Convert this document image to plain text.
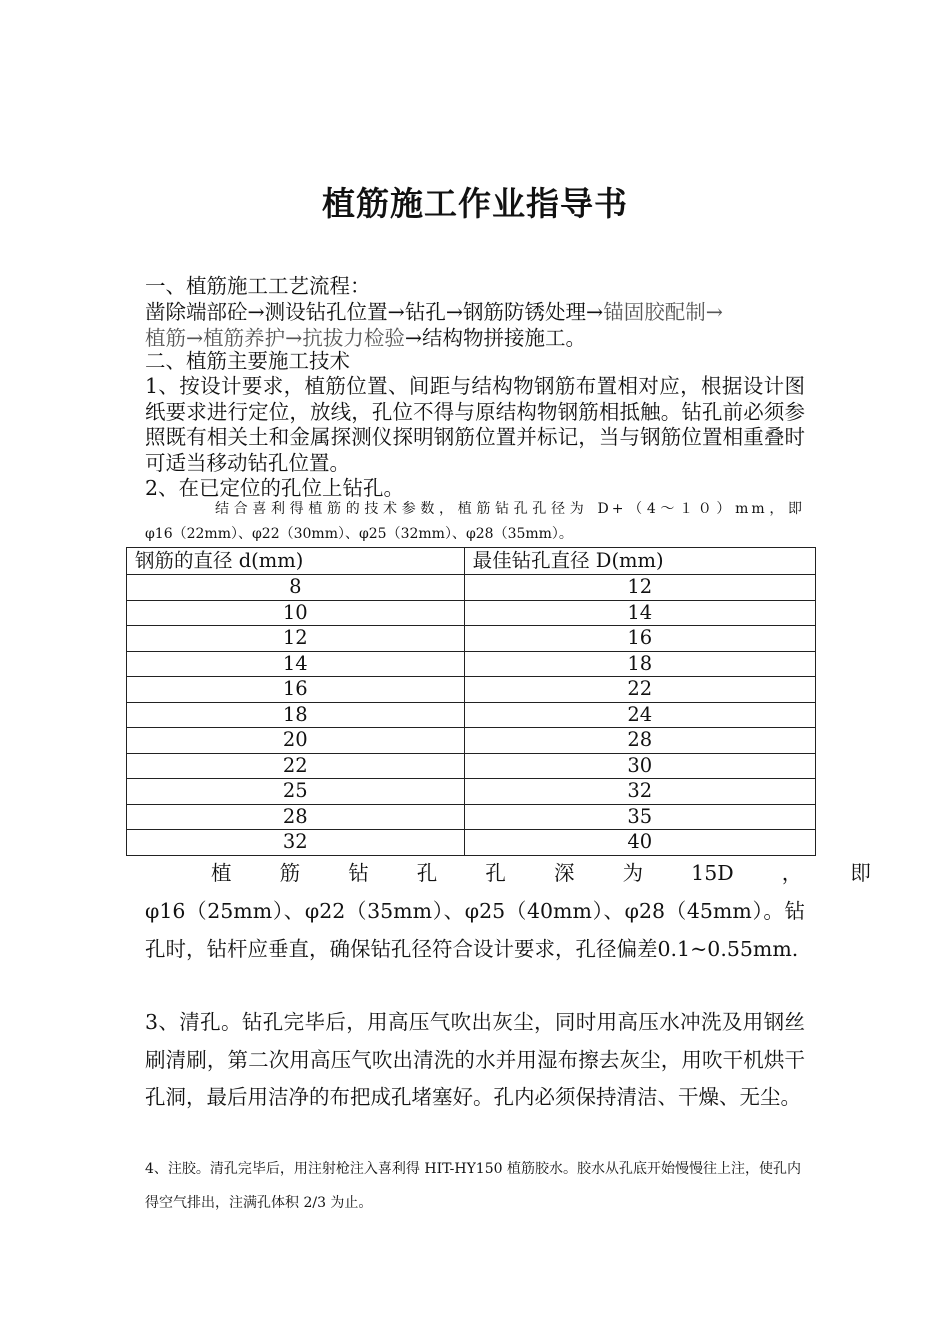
植筋施工作业指导书

一、植筋施工工艺流程：

凿除端部砼→测设钻孔位置→钻孔→钢筋防锈处理→锚固胶配制→
植筋→植筋养护→抗拔力检验→结构物拼接施工。

二、植筋主要施工技术

1、按设计要求，植筋位置、间距与结构物钢筋布置相对应，根据设计图纸要求进行定位，放线，孔位不得与原结构物钢筋相抵触。钻孔前必须参照既有相关土和金属探测仪探明钢筋位置并标记，当与钢筋位置相重叠时可适当移动钻孔位置。

2、在已定位的孔位上钻孔。

结合喜利得植筋的技术参数，植筋钻孔孔径为 D+（4～１０）mm，即

φ16（22mm）、φ22（30mm）、φ25（32mm）、φ28（35mm）。

钢筋的直径 d(mm)	最佳钻孔直径 D(mm)
8	12
10	14
12	16
14	18
16	22
18	24
20	28
22	30
25	32
28	35
32	40
植 筋 钻 孔 孔 深 为 15D ， 即

φ16（25mm）、φ22（35mm）、φ25（40mm）、φ28（45mm）。钻孔时，钻杆应垂直，确保钻孔径符合设计要求，孔径偏差0.1~0.55mm.

3、清孔。钻孔完毕后，用高压气吹出灰尘，同时用高压水冲洗及用钢丝刷清刷，第二次用高压气吹出清洗的水并用湿布擦去灰尘，用吹干机烘干孔洞，最后用洁净的布把成孔堵塞好。孔内必须保持清洁、干燥、无尘。

4、注胶。清孔完毕后，用注射枪注入喜利得 HIT-HY150 植筋胶水。胶水从孔底开始慢慢往上注，使孔内得空气排出，注满孔体积 2/3 为止。
